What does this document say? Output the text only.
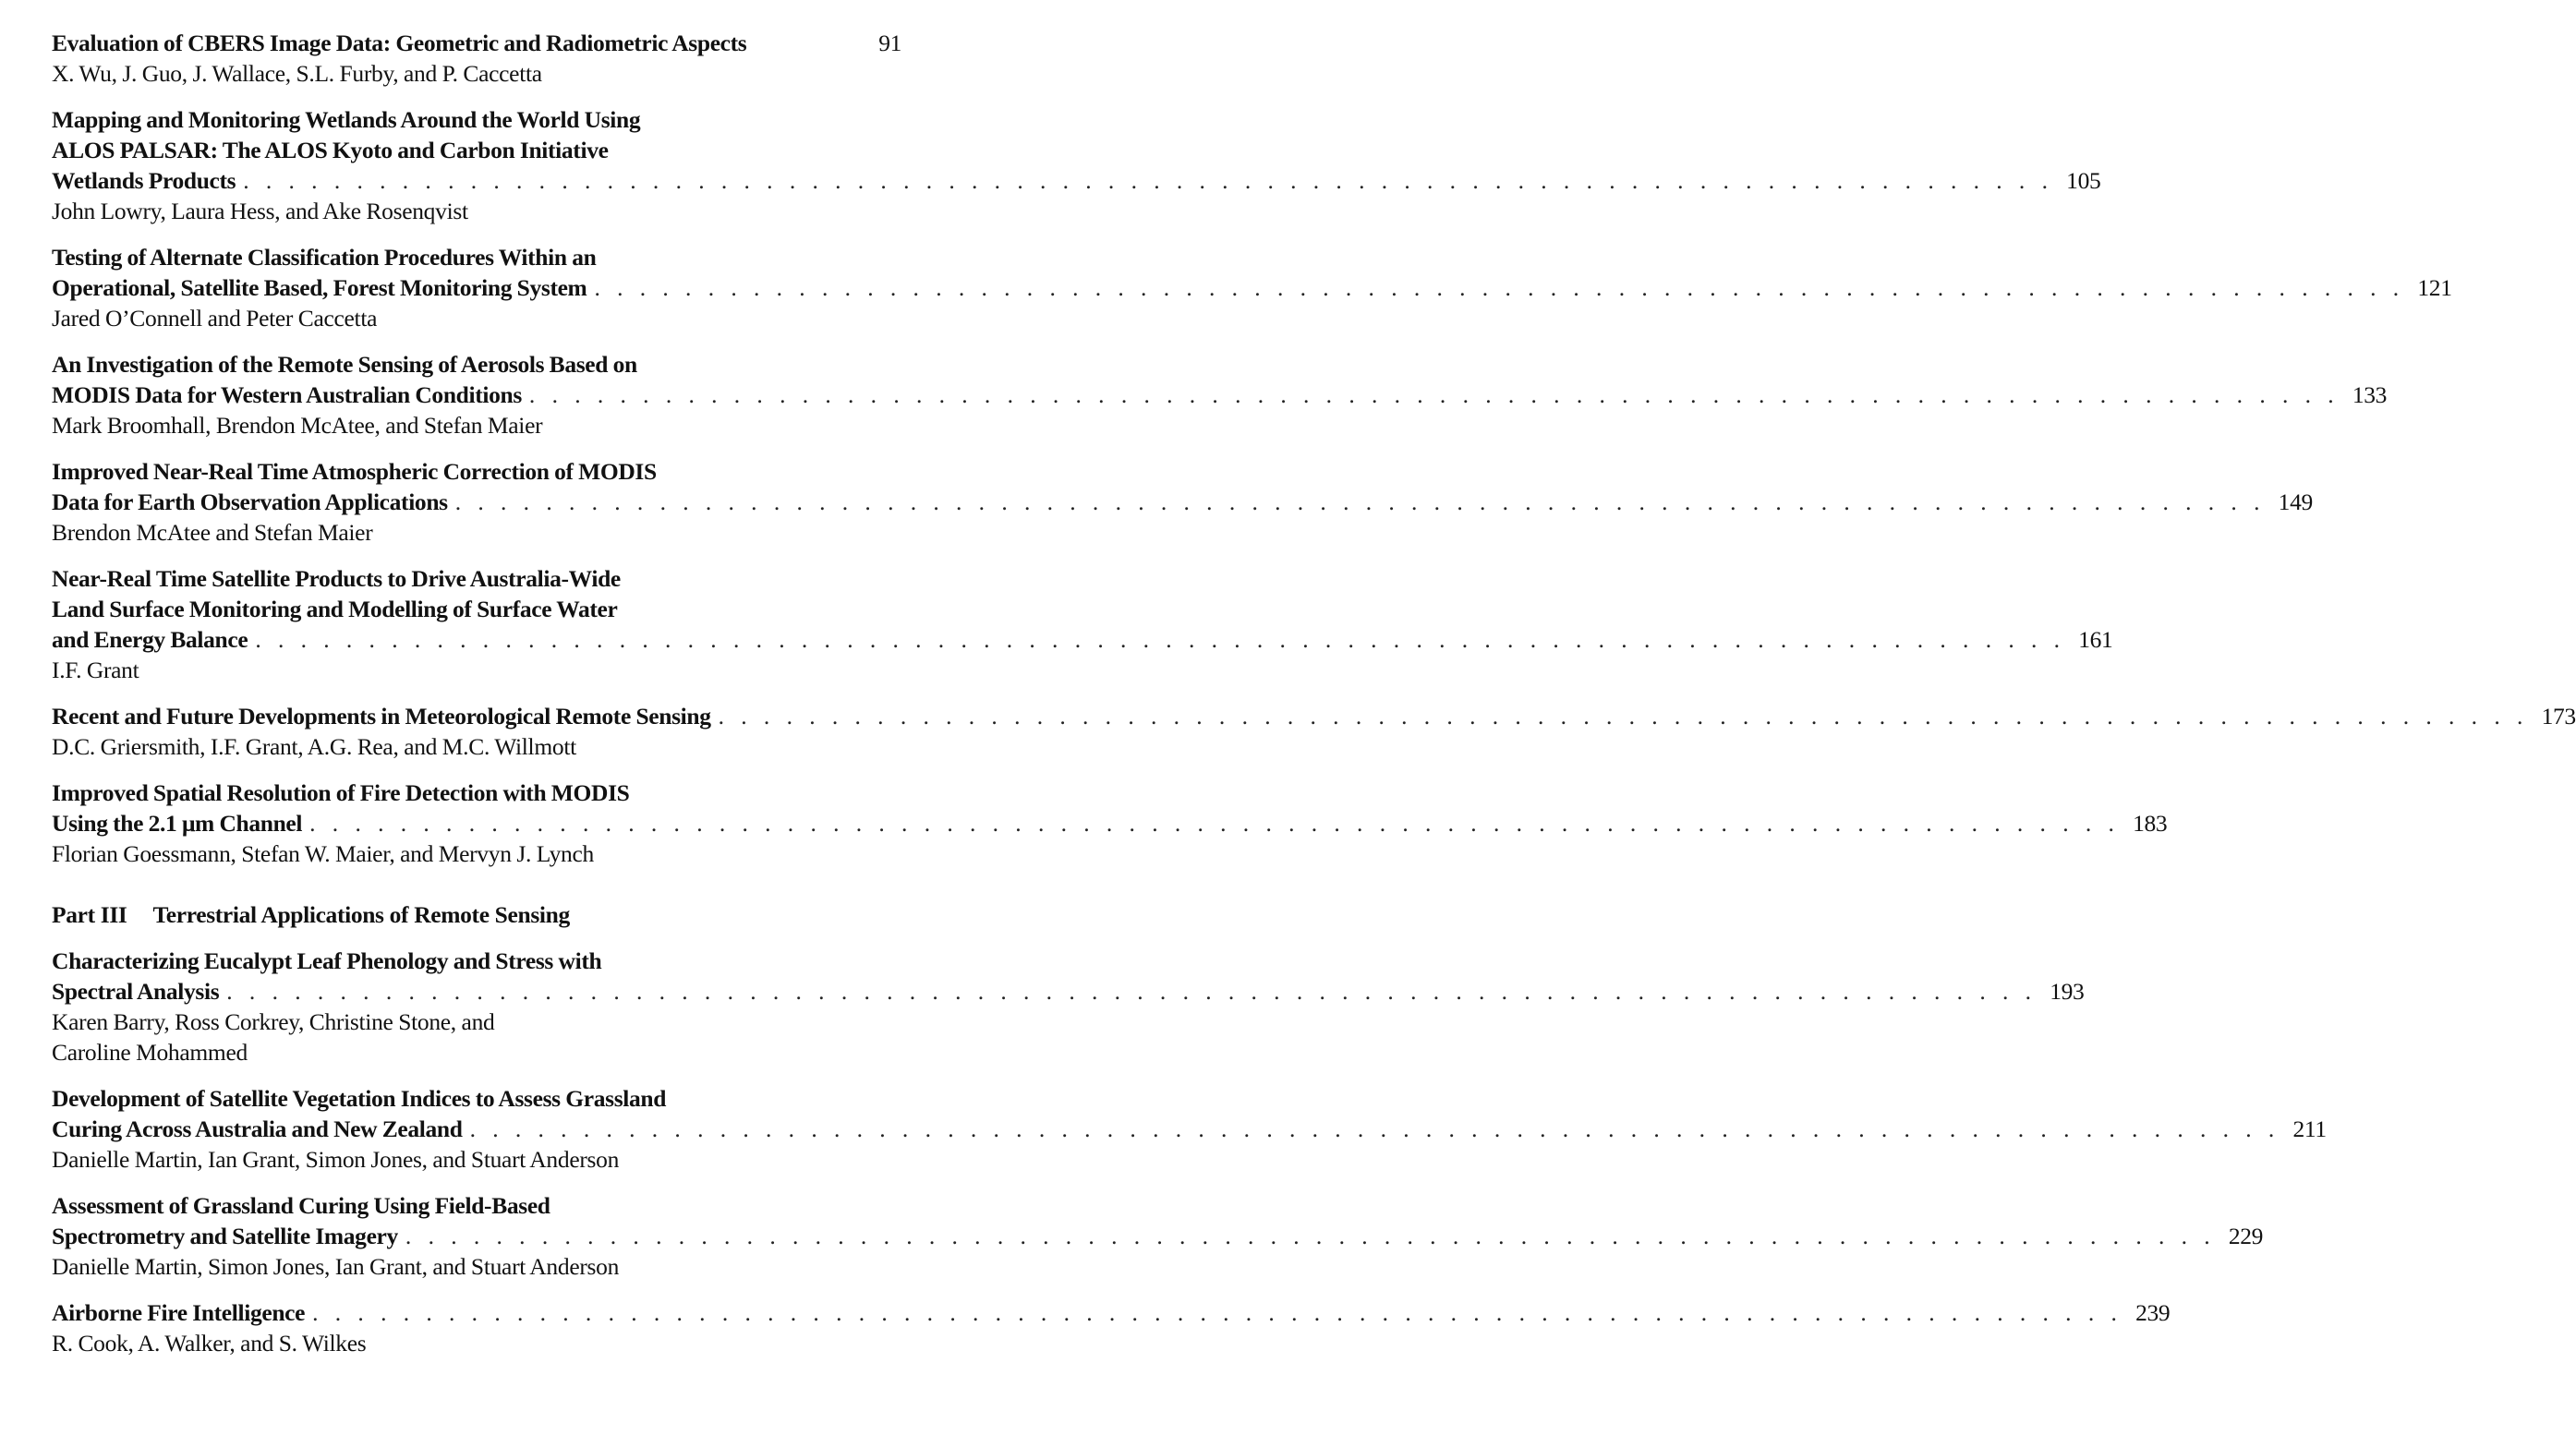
Evaluation of CBERS Image Data: Geometric and Radiometric Aspects	91
X. Wu, J. Guo, J. Wallace, S.L. Furby, and P. Caccetta
Mapping and Monitoring Wetlands Around the World Using
ALOS PALSAR: The ALOS Kyoto and Carbon Initiative
Wetlands Products . . . . . . . . . . . . . . . . . . . . . . . . . . . . . . . . . . . . . . . . . . . . . . . . . . . . . . . . . . . . . . . . . . . . . . . . . . . . . . . . 105
John Lowry, Laura Hess, and Ake Rosenqvist
Testing of Alternate Classification Procedures Within an
Operational, Satellite Based, Forest Monitoring System . . . . . . . . . . . . . . . . . . . . . . . . . . . . . . . . . . . . . . . . . . . . . . . . . . . . . . . . . . . . . . . . . . . . . . . . . . . . . . . . 121
Jared O’Connell and Peter Caccetta
An Investigation of the Remote Sensing of Aerosols Based on
MODIS Data for Western Australian Conditions . . . . . . . . . . . . . . . . . . . . . . . . . . . . . . . . . . . . . . . . . . . . . . . . . . . . . . . . . . . . . . . . . . . . . . . . . . . . . . . . 133
Mark Broomhall, Brendon McAtee, and Stefan Maier
Improved Near-Real Time Atmospheric Correction of MODIS
Data for Earth Observation Applications . . . . . . . . . . . . . . . . . . . . . . . . . . . . . . . . . . . . . . . . . . . . . . . . . . . . . . . . . . . . . . . . . . . . . . . . . . . . . . . . 149
Brendon McAtee and Stefan Maier
Near-Real Time Satellite Products to Drive Australia-Wide
Land Surface Monitoring and Modelling of Surface Water
and Energy Balance . . . . . . . . . . . . . . . . . . . . . . . . . . . . . . . . . . . . . . . . . . . . . . . . . . . . . . . . . . . . . . . . . . . . . . . . . . . . . . . . 161
I.F. Grant
Recent and Future Developments in Meteorological Remote Sensing . . . . . . . . . . . . . . . . . . . . . . . . . . . . . . . . . . . . . . . . . . . . . . . . . . . . . . . . . . . . . . . . . . . . . . . . . . . . . . . . 173
D.C. Griersmith, I.F. Grant, A.G. Rea, and M.C. Willmott
Improved Spatial Resolution of Fire Detection with MODIS
Using the 2.1 μm Channel . . . . . . . . . . . . . . . . . . . . . . . . . . . . . . . . . . . . . . . . . . . . . . . . . . . . . . . . . . . . . . . . . . . . . . . . . . . . . . . . 183
Florian Goessmann, Stefan W. Maier, and Mervyn J. Lynch
Part III Terrestrial Applications of Remote Sensing
Characterizing Eucalypt Leaf Phenology and Stress with
Spectral Analysis . . . . . . . . . . . . . . . . . . . . . . . . . . . . . . . . . . . . . . . . . . . . . . . . . . . . . . . . . . . . . . . . . . . . . . . . . . . . . . . . 193
Karen Barry, Ross Corkrey, Christine Stone, and
Caroline Mohammed
Development of Satellite Vegetation Indices to Assess Grassland
Curing Across Australia and New Zealand . . . . . . . . . . . . . . . . . . . . . . . . . . . . . . . . . . . . . . . . . . . . . . . . . . . . . . . . . . . . . . . . . . . . . . . . . . . . . . . . 211
Danielle Martin, Ian Grant, Simon Jones, and Stuart Anderson
Assessment of Grassland Curing Using Field-Based
Spectrometry and Satellite Imagery . . . . . . . . . . . . . . . . . . . . . . . . . . . . . . . . . . . . . . . . . . . . . . . . . . . . . . . . . . . . . . . . . . . . . . . . . . . . . . . . 229
Danielle Martin, Simon Jones, Ian Grant, and Stuart Anderson
Airborne Fire Intelligence . . . . . . . . . . . . . . . . . . . . . . . . . . . . . . . . . . . . . . . . . . . . . . . . . . . . . . . . . . . . . . . . . . . . . . . . . . . . . . . . 239
R. Cook, A. Walker, and S. Wilkes
